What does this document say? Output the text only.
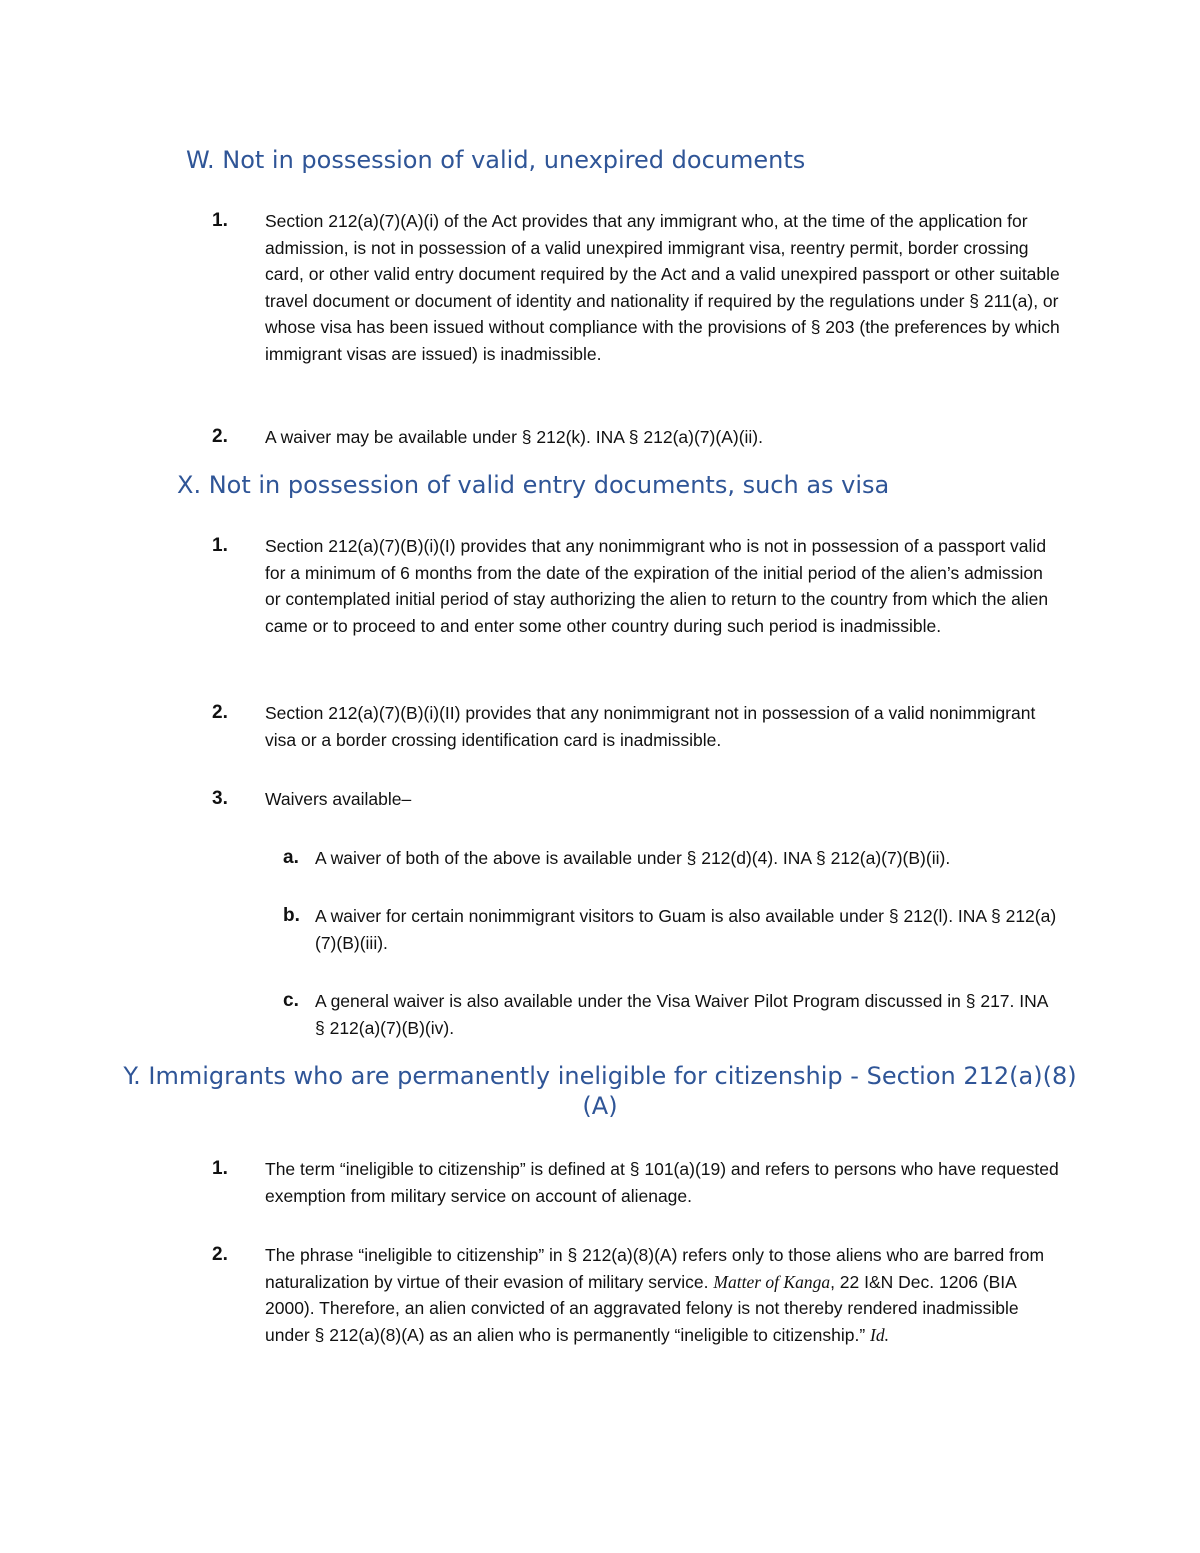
W. Not in possession of valid, unexpired documents
1. Section 212(a)(7)(A)(i) of the Act provides that any immigrant who, at the time of the application for admission, is not in possession of a valid unexpired immigrant visa, reentry permit, border crossing card, or other valid entry document required by the Act and a valid unexpired passport or other suitable travel document or document of identity and nationality if required by the regulations under § 211(a), or whose visa has been issued without compliance with the provisions of § 203 (the preferences by which immigrant visas are issued) is inadmissible.
2. A waiver may be available under § 212(k). INA § 212(a)(7)(A)(ii).
X. Not in possession of valid entry documents, such as visa
1. Section 212(a)(7)(B)(i)(I) provides that any nonimmigrant who is not in possession of a passport valid for a minimum of 6 months from the date of the expiration of the initial period of the alien’s admission or contemplated initial period of stay authorizing the alien to return to the country from which the alien came or to proceed to and enter some other country during such period is inadmissible.
2. Section 212(a)(7)(B)(i)(II) provides that any nonimmigrant not in possession of a valid nonimmigrant visa or a border crossing identification card is inadmissible.
3. Waivers available–
a. A waiver of both of the above is available under § 212(d)(4). INA § 212(a)(7)(B)(ii).
b. A waiver for certain nonimmigrant visitors to Guam is also available under § 212(l). INA § 212(a)(7)(B)(iii).
c. A general waiver is also available under the Visa Waiver Pilot Program discussed in § 217. INA § 212(a)(7)(B)(iv).
Y. Immigrants who are permanently ineligible for citizenship - Section 212(a)(8)(A)
1. The term “ineligible to citizenship” is defined at § 101(a)(19) and refers to persons who have requested exemption from military service on account of alienage.
2. The phrase “ineligible to citizenship” in § 212(a)(8)(A) refers only to those aliens who are barred from naturalization by virtue of their evasion of military service. Matter of Kanga, 22 I&N Dec. 1206 (BIA 2000). Therefore, an alien convicted of an aggravated felony is not thereby rendered inadmissible under § 212(a)(8)(A) as an alien who is permanently “ineligible to citizenship.” Id.
